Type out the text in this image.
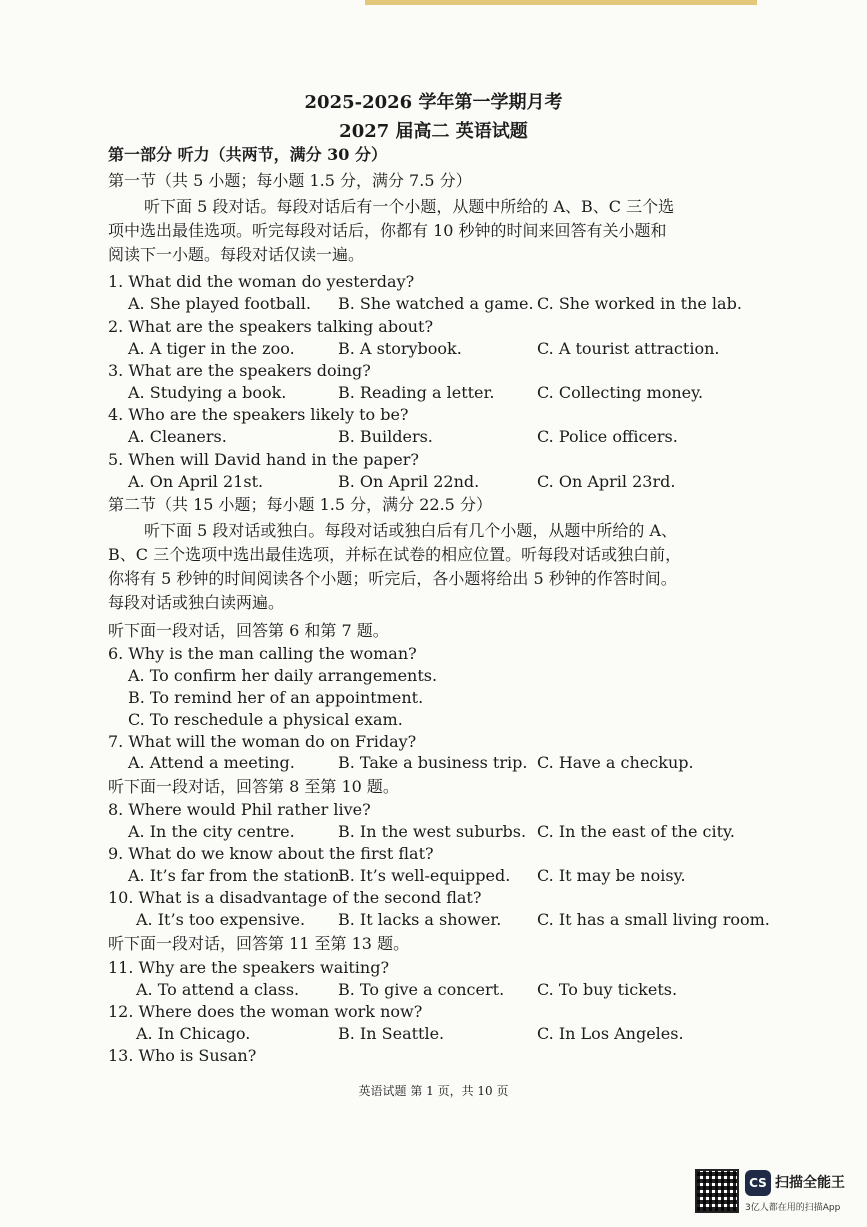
2025-2026 学年第一学期月考
2027 届高二 英语试题
第一部分 听力（共两节，满分 30 分）
第一节（共 5 小题；每小题 1.5 分，满分 7.5 分）
听下面 5 段对话。每段对话后有一个小题，从题中所给的 A、B、C 三个选
项中选出最佳选项。听完每段对话后，你都有 10 秒钟的时间来回答有关小题和
阅读下一小题。每段对话仅读一遍。
1. What did the woman do yesterday?
A. She played football. B. She watched a game. C. She worked in the lab.
2. What are the speakers talking about?
A. A tiger in the zoo.	B. A storybook.	C. A tourist attraction.
3. What are the speakers doing?
A. Studying a book.	B. Reading a letter.	C. Collecting money.
4. Who are the speakers likely to be?
A. Cleaners.	B. Builders.	C. Police officers.
5. When will David hand in the paper?
A. On April 21st.	B. On April 22nd.	C. On April 23rd.
第二节（共 15 小题；每小题 1.5 分，满分 22.5 分）
听下面 5 段对话或独白。每段对话或独白后有几个小题，从题中所给的 A、
B、C 三个选项中选出最佳选项，并标在试卷的相应位置。听每段对话或独白前，
你将有 5 秒钟的时间阅读各个小题；听完后，各小题将给出 5 秒钟的作答时间。
每段对话或独白读两遍。
听下面一段对话，回答第 6 和第 7 题。
6. Why is the man calling the woman?
A. To confirm her daily arrangements.
B. To remind her of an appointment.
C. To reschedule a physical exam.
7. What will the woman do on Friday?
A. Attend a meeting.	B. Take a business trip. C. Have a checkup.
听下面一段对话，回答第 8 至第 10 题。
8. Where would Phil rather live?
A. In the city centre.	B. In the west suburbs. C. In the east of the city.
9. What do we know about the first flat?
A. It’s far from the station.
B. It’s well-equipped. C. It may be noisy.
10. What is a disadvantage of the second flat?
A. It’s too expensive. B. It lacks a shower. C. It has a small living room.
听下面一段对话，回答第 11 至第 13 题。
11. Why are the speakers waiting?
A. To attend a class. B. To give a concert. C. To buy tickets.
12. Where does the woman work now?
A. In Chicago.	B. In Seattle.	C. In Los Angeles.
13. Who is Susan?
英语试题 第 1 页，共 10 页
CS 扫描全能王
3亿人都在用的扫描App
